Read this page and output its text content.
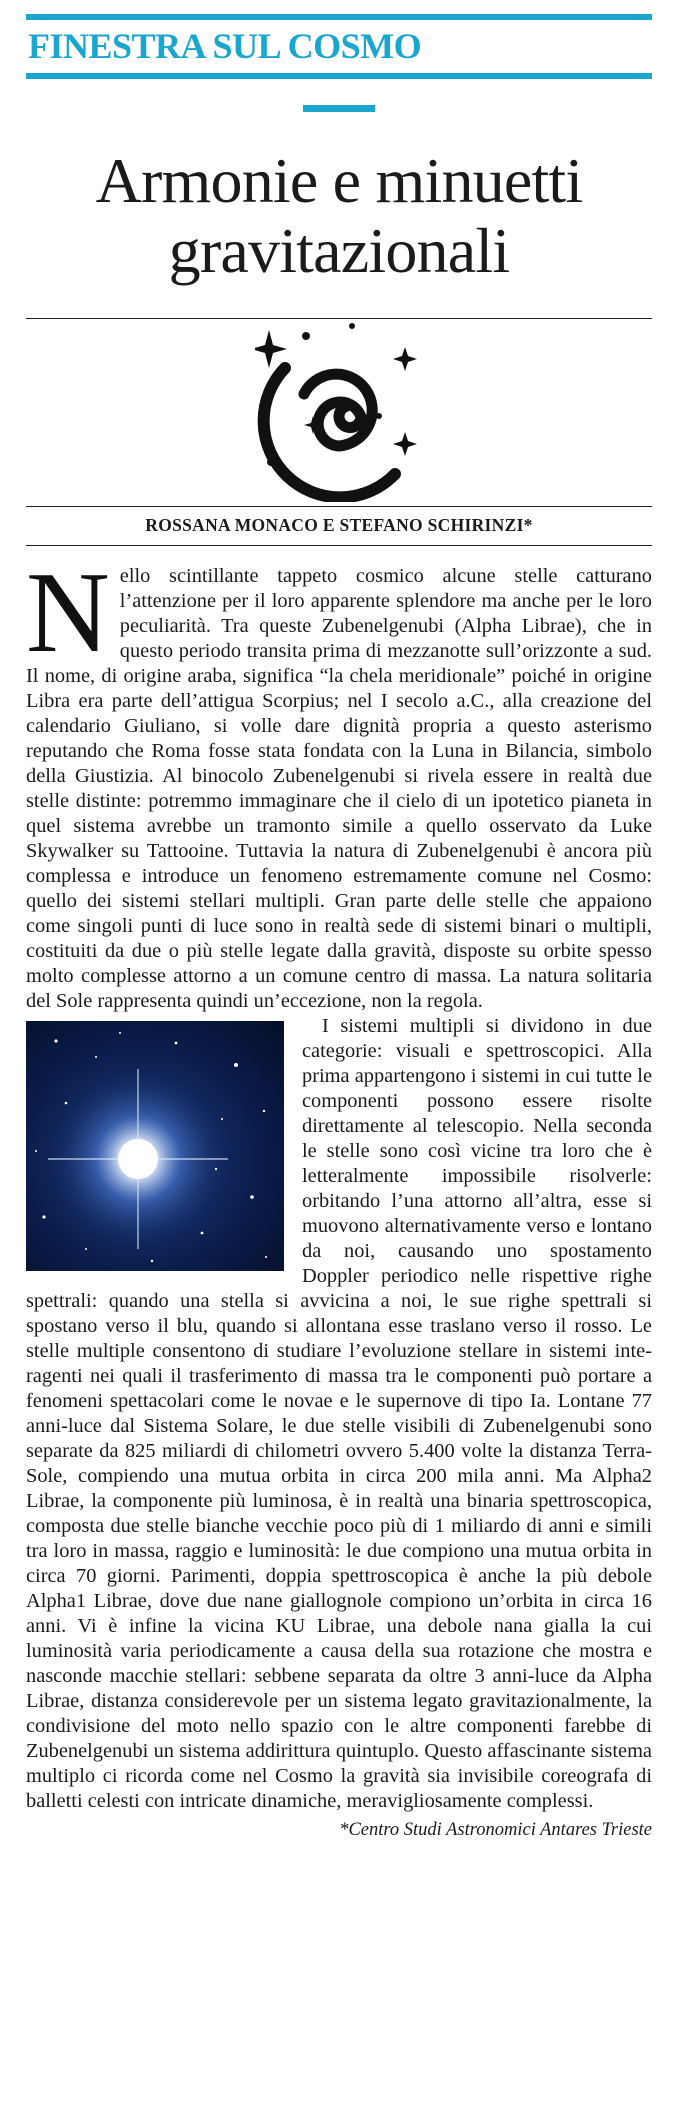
FINESTRA SUL COSMO
Armonie e minuetti
gravitazionali
ROSSANA MONACO E STEFANO SCHIRINZI*

Nello scintillante tappeto cosmico alcune stelle catturano l’attenzione per il loro apparente splendore ma anche per le loro peculiarità. Tra queste Zubenelgenubi (Alpha Librae), che in questo periodo transita prima di mezzanotte sull’orizzonte a sud. Il nome, di origine araba, significa “la chela meridionale” poiché in origine Libra era parte dell’attigua Scorpius; nel I secolo a.C., alla creazione del calendario Giuliano, si volle dare dignità propria a questo asterismo reputando che Roma fosse stata fondata con la Luna in Bilancia, simbolo della Giustizia. Al binocolo Zubenelgenubi si rivela essere in realtà due stelle distinte: potremmo immaginare che il cielo di un ipotetico pianeta in quel sistema avrebbe un tramonto simile a quello osservato da Luke Skywalker su Tattooine. Tuttavia la natura di Zubenelgenubi è ancora più complessa e introduce un fenomeno estremamente comune nel Cosmo: quello dei sistemi stellari multipli. Gran parte delle stelle che appaiono come singoli punti di luce sono in realtà sede di sistemi binari o multipli, costituiti da due o più stelle legate dalla gravità, disposte su orbite spesso molto complesse attorno a un comune centro di massa. La natura solitaria del Sole rappresenta quindi un’eccezione, non la regola.

I sistemi multipli si dividono in due categorie: visuali e spettroscopici. Alla prima appartengono i sistemi in cui tutte le componenti possono essere risolte direttamente al telescopio. Nella seconda le stelle sono così vicine tra loro che è letteralmente impossibile risolverle: orbitando l’una attorno all’altra, esse si muovono alternativamente verso e lontano da noi, causando uno spostamento Doppler periodico nelle rispettive righe spettrali: quando una stella si avvicina a noi, le sue righe spettrali si spostano verso il blu, quando si allontana esse traslano verso il rosso. Le stelle multiple consentono di studiare l’evoluzione stellare in sistemi interagenti nei quali il trasferimento di massa tra le componenti può portare a fenomeni spettacolari come le novae e le supernove di tipo Ia. Lontane 77 anni-luce dal Sistema Solare, le due stelle visibili di Zubenelgenubi sono separate da 825 miliardi di chilometri ovvero 5.400 volte la distanza Terra-Sole, compiendo una mutua orbita in circa 200 mila anni. Ma Alpha2 Librae, la componente più luminosa, è in realtà una binaria spettroscopica, composta due stelle bianche vecchie poco più di 1 miliardo di anni e simili tra loro in massa, raggio e luminosità: le due compiono una mutua orbita in circa 70 giorni. Parimenti, doppia spettroscopica è anche la più debole Alpha1 Librae, dove due nane giallognole compiono un’orbita in circa 16 anni. Vi è infine la vicina KU Librae, una debole nana gialla la cui luminosità varia periodicamente a causa della sua rotazione che mostra e nasconde macchie stellari: sebbene separata da oltre 3 anni-luce da Alpha Librae, distanza considerevole per un sistema legato gravitazionalmente, la condivisione del moto nello spazio con le altre componenti farebbe di Zubenelgenubi un sistema addirittura quintuplo. Questo affascinante sistema multiplo ci ricorda come nel Cosmo la gravità sia invisibile coreografa di balletti celesti con intricate dinamiche, meravigliosamente complessi.

*Centro Studi Astronomici Antares Trieste
